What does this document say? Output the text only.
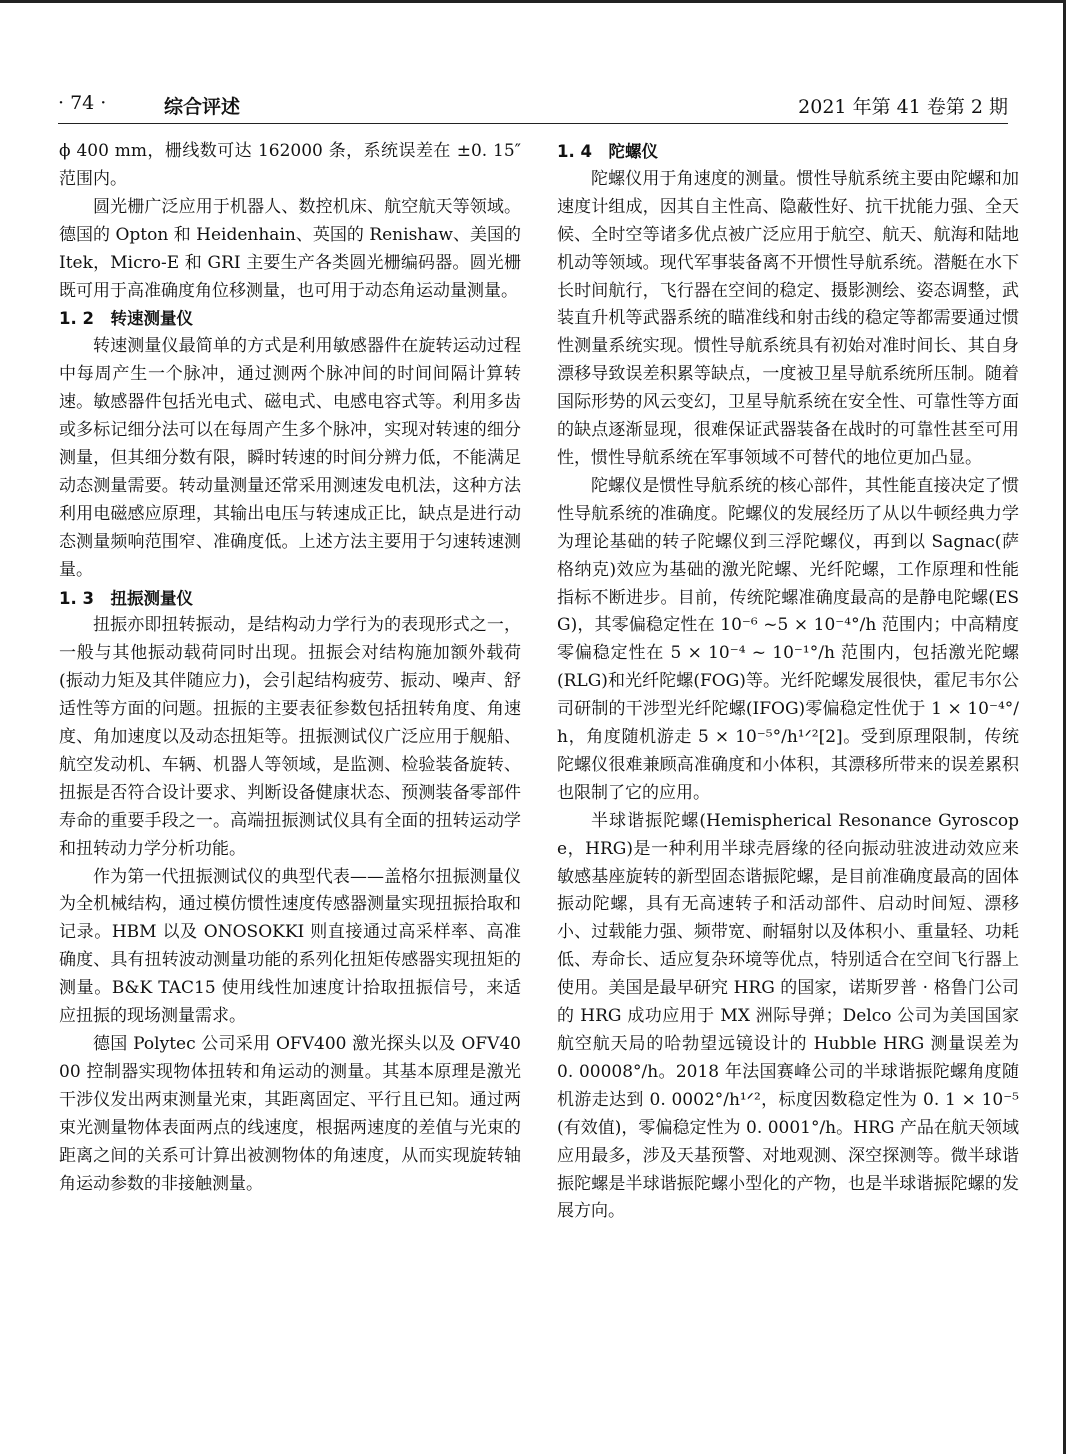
· 74 ·	综合评述	2021 年第 41 卷第 2 期

ϕ 400 mm，栅线数可达 162000 条，系统误差在 ±0. 15″范围内。

圆光栅广泛应用于机器人、数控机床、航空航天等领域。德国的 Opton 和 Heidenhain、英国的 Renishaw、美国的 Itek，Micro-E 和 GRI 主要生产各类圆光栅编码器。圆光栅既可用于高准确度角位移测量，也可用于动态角运动量测量。

1. 2 转速测量仪

转速测量仪最简单的方式是利用敏感器件在旋转运动过程中每周产生一个脉冲，通过测两个脉冲间的时间间隔计算转速。敏感器件包括光电式、磁电式、电感电容式等。利用多齿或多标记细分法可以在每周产生多个脉冲，实现对转速的细分测量，但其细分数有限，瞬时转速的时间分辨力低，不能满足动态测量需要。转动量测量还常采用测速发电机法，这种方法利用电磁感应原理，其输出电压与转速成正比，缺点是进行动态测量频响范围窄、准确度低。上述方法主要用于匀速转速测量。

1. 3 扭振测量仪

扭振亦即扭转振动，是结构动力学行为的表现形式之一，一般与其他振动载荷同时出现。扭振会对结构施加额外载荷(振动力矩及其伴随应力)，会引起结构疲劳、振动、噪声、舒适性等方面的问题。扭振的主要表征参数包括扭转角度、角速度、角加速度以及动态扭矩等。扭振测试仪广泛应用于舰船、航空发动机、车辆、机器人等领域，是监测、检验装备旋转、扭振是否符合设计要求、判断设备健康状态、预测装备零部件寿命的重要手段之一。高端扭振测试仪具有全面的扭转运动学和扭转动力学分析功能。

作为第一代扭振测试仪的典型代表——盖格尔扭振测量仪为全机械结构，通过模仿惯性速度传感器测量实现扭振拾取和记录。HBM 以及 ONOSOKKI 则直接通过高采样率、高准确度、具有扭转波动测量功能的系列化扭矩传感器实现扭矩的测量。B&K TAC15 使用线性加速度计拾取扭振信号，来适应扭振的现场测量需求。

德国 Polytec 公司采用 OFV400 激光探头以及 OFV4000 控制器实现物体扭转和角运动的测量。其基本原理是激光干涉仪发出两束测量光束，其距离固定、平行且已知。通过两束光测量物体表面两点的线速度，根据两速度的差值与光束的距离之间的关系可计算出被测物体的角速度，从而实现旋转轴角运动参数的非接触测量。

1. 4 陀螺仪

陀螺仪用于角速度的测量。惯性导航系统主要由陀螺和加速度计组成，因其自主性高、隐蔽性好、抗干扰能力强、全天候、全时空等诸多优点被广泛应用于航空、航天、航海和陆地机动等领域。现代军事装备离不开惯性导航系统。潜艇在水下长时间航行，飞行器在空间的稳定、摄影测绘、姿态调整，武装直升机等武器系统的瞄准线和射击线的稳定等都需要通过惯性测量系统实现。惯性导航系统具有初始对准时间长、其自身漂移导致误差积累等缺点，一度被卫星导航系统所压制。随着国际形势的风云变幻，卫星导航系统在安全性、可靠性等方面的缺点逐渐显现，很难保证武器装备在战时的可靠性甚至可用性，惯性导航系统在军事领域不可替代的地位更加凸显。

陀螺仪是惯性导航系统的核心部件，其性能直接决定了惯性导航系统的准确度。陀螺仪的发展经历了从以牛顿经典力学为理论基础的转子陀螺仪到三浮陀螺仪，再到以 Sagnac(萨格纳克)效应为基础的激光陀螺、光纤陀螺，工作原理和性能指标不断进步。目前，传统陀螺准确度最高的是静电陀螺(ESG)，其零偏稳定性在 10⁻⁶ ~5 × 10⁻⁴°/h 范围内；中高精度零偏稳定性在 5 × 10⁻⁴ ~ 10⁻¹°/h 范围内，包括激光陀螺(RLG)和光纤陀螺(FOG)等。光纤陀螺发展很快，霍尼韦尔公司研制的干涉型光纤陀螺(IFOG)零偏稳定性优于 1 × 10⁻⁴°/h，角度随机游走 5 × 10⁻⁵°/h¹ᐟ²[2]。受到原理限制，传统陀螺仪很难兼顾高准确度和小体积，其漂移所带来的误差累积也限制了它的应用。

半球谐振陀螺(Hemispherical Resonance Gyroscope，HRG)是一种利用半球壳唇缘的径向振动驻波进动效应来敏感基座旋转的新型固态谐振陀螺，是目前准确度最高的固体振动陀螺，具有无高速转子和活动部件、启动时间短、漂移小、过载能力强、频带宽、耐辐射以及体积小、重量轻、功耗低、寿命长、适应复杂环境等优点，特别适合在空间飞行器上使用。美国是最早研究 HRG 的国家，诺斯罗普 · 格鲁门公司的 HRG 成功应用于 MX 洲际导弹；Delco 公司为美国国家航空航天局的哈勃望远镜设计的 Hubble HRG 测量误差为 0. 00008°/h。2018 年法国赛峰公司的半球谐振陀螺角度随机游走达到 0. 0002°/h¹ᐟ²，标度因数稳定性为 0. 1 × 10⁻⁵(有效值)，零偏稳定性为 0. 0001°/h。HRG 产品在航天领域应用最多，涉及天基预警、对地观测、深空探测等。微半球谐振陀螺是半球谐振陀螺小型化的产物，也是半球谐振陀螺的发展方向。
